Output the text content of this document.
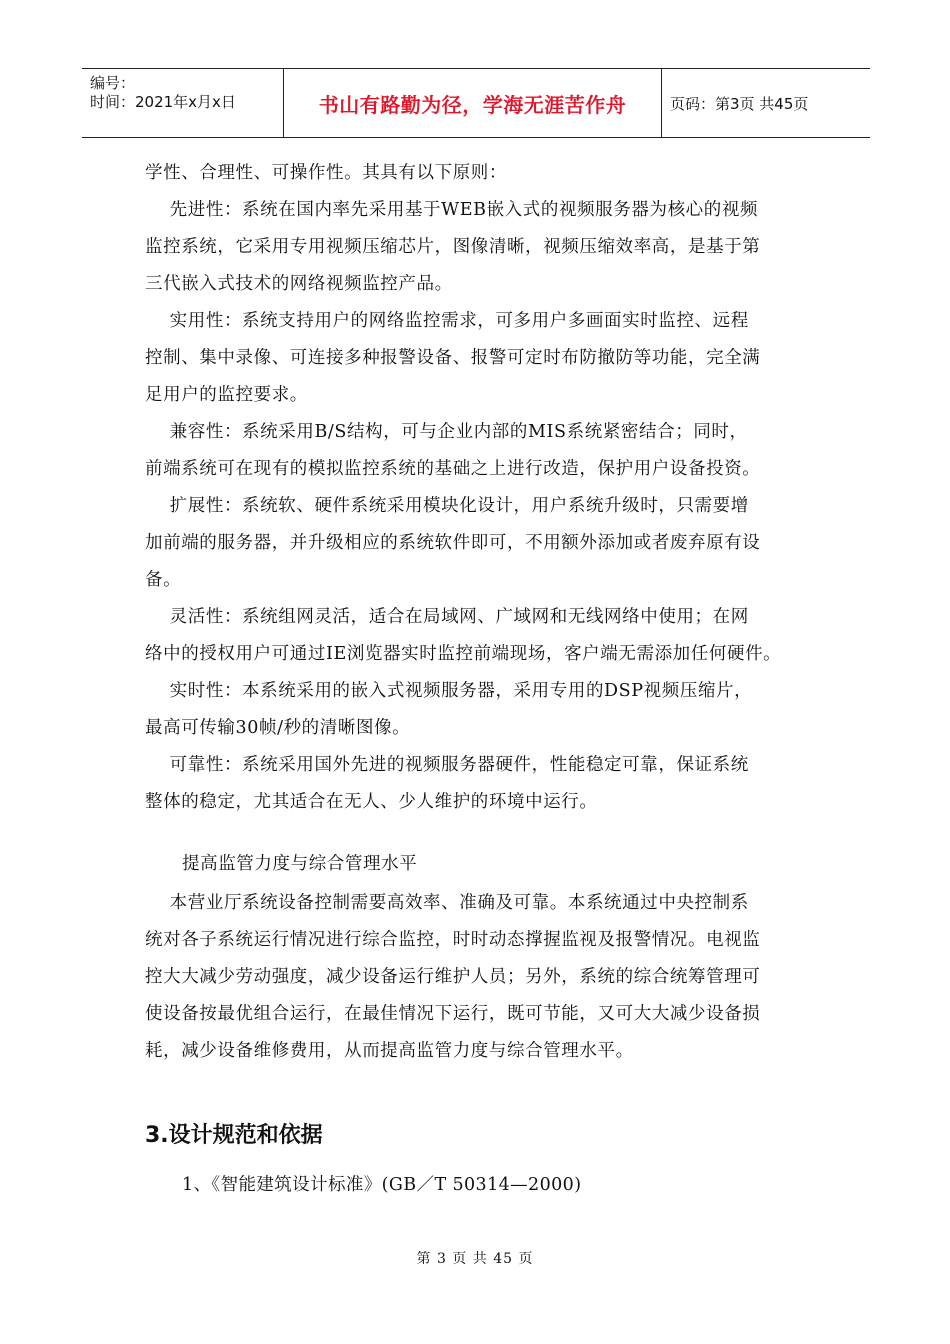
编号：
时间：2021年x月x日	书山有路勤为径，学海无涯苦作舟	页码：第3页 共45页
学性、合理性、可操作性。其具有以下原则：
先进性：系统在国内率先采用基于WEB嵌入式的视频服务器为核心的视频
监控系统，它采用专用视频压缩芯片，图像清晰，视频压缩效率高，是基于第
三代嵌入式技术的网络视频监控产品。
实用性：系统支持用户的网络监控需求，可多用户多画面实时监控、远程
控制、集中录像、可连接多种报警设备、报警可定时布防撤防等功能，完全满
足用户的监控要求。
兼容性：系统采用B/S结构，可与企业内部的MIS系统紧密结合；同时，
前端系统可在现有的模拟监控系统的基础之上进行改造，保护用户设备投资。
扩展性：系统软、硬件系统采用模块化设计，用户系统升级时，只需要增
加前端的服务器，并升级相应的系统软件即可，不用额外添加或者废弃原有设
备。
灵活性：系统组网灵活，适合在局域网、广域网和无线网络中使用；在网
络中的授权用户可通过IE浏览器实时监控前端现场，客户端无需添加任何硬件。
实时性：本系统采用的嵌入式视频服务器，采用专用的DSP视频压缩片，
最高可传输30帧/秒的清晰图像。
可靠性：系统采用国外先进的视频服务器硬件，性能稳定可靠，保证系统
整体的稳定，尤其适合在无人、少人维护的环境中运行。
提高监管力度与综合管理水平
本营业厅系统设备控制需要高效率、准确及可靠。本系统通过中央控制系
统对各子系统运行情况进行综合监控，时时动态撑握监视及报警情况。电视监
控大大减少劳动强度，减少设备运行维护人员；另外，系统的综合统筹管理可
使设备按最优组合运行，在最佳情况下运行，既可节能，又可大大减少设备损
耗，减少设备维修费用，从而提高监管力度与综合管理水平。
3.设计规范和依据
1、《智能建筑设计标准》(GB／T 50314—2000)
第 3 页 共 45 页
